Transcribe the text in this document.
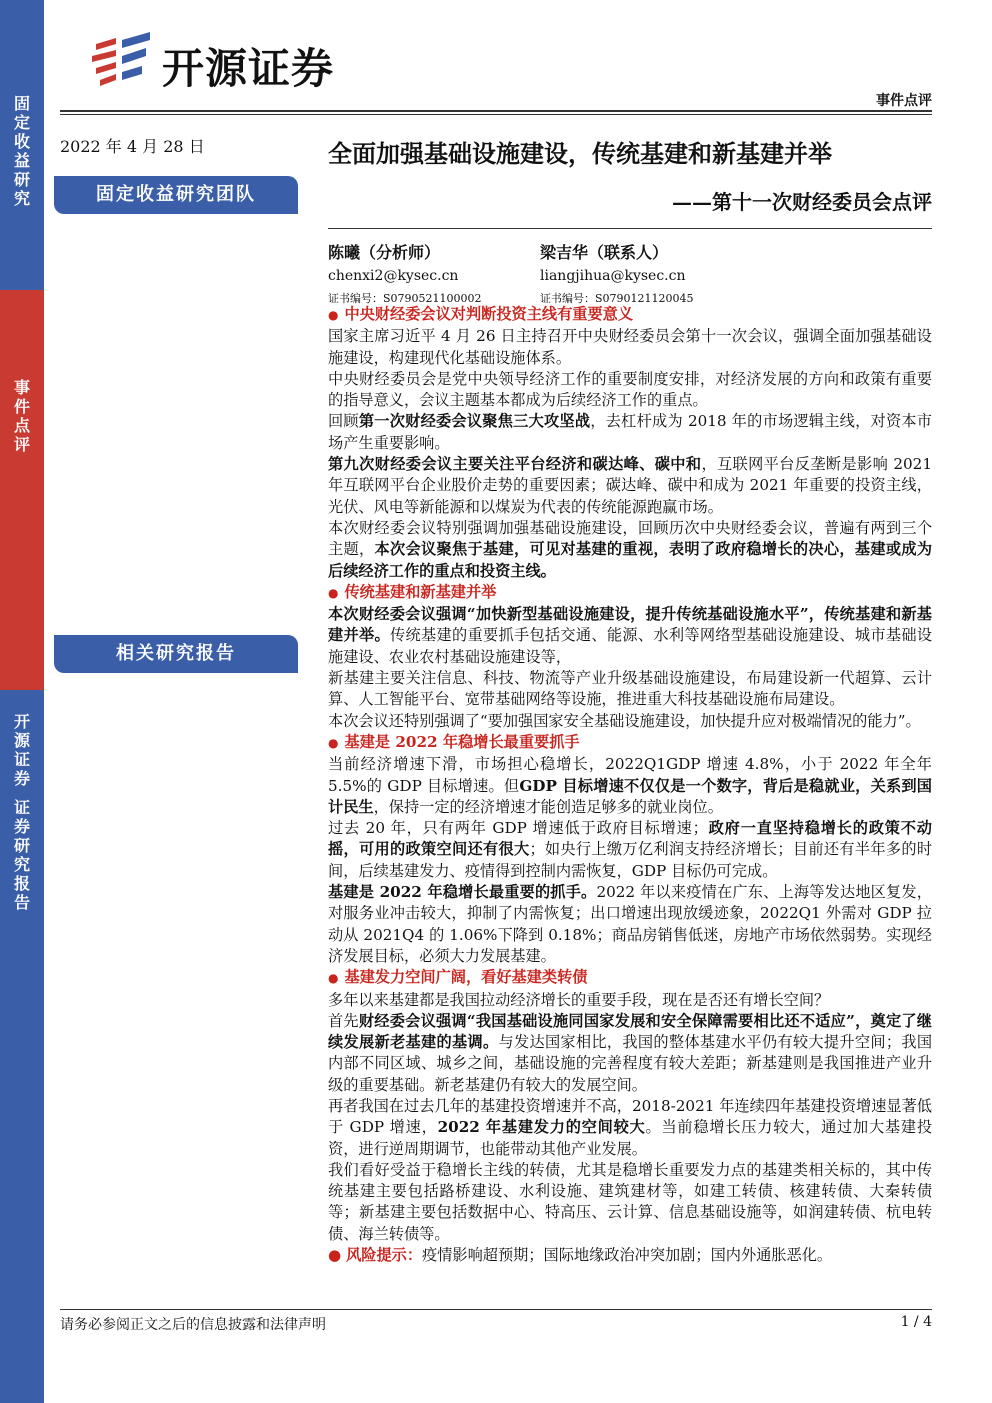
固
定
收
益
研
究
事
件
点
评
开
源
证
券
证
券
研
究
报
告
开源证券
事件点评
2022 年 4 月 28 日
固定收益研究团队
相关研究报告
全面加强基础设施建设，传统基建和新基建并举
——第十一次财经委员会点评
陈曦（分析师）
chenxi2@kysec.cn
证书编号：S0790521100002
梁吉华（联系人）
liangjihua@kysec.cn
证书编号：S0790121120045

● 中央财经委会议对判断投资主线有重要意义

国家主席习近平 4 月 26 日主持召开中央财经委员会第十一次会议，强调全面加强基础设施建设，构建现代化基础设施体系。

中央财经委员会是党中央领导经济工作的重要制度安排，对经济发展的方向和政策有重要的指导意义，会议主题基本都成为后续经济工作的重点。

回顾第一次财经委会议聚焦三大攻坚战，去杠杆成为 2018 年的市场逻辑主线，对资本市场产生重要影响。

第九次财经委会议主要关注平台经济和碳达峰、碳中和，互联网平台反垄断是影响 2021 年互联网平台企业股价走势的重要因素；碳达峰、碳中和成为 2021 年重要的投资主线，光伏、风电等新能源和以煤炭为代表的传统能源跑赢市场。

本次财经委会议特别强调加强基础设施建设，回顾历次中央财经委会议，普遍有两到三个主题，本次会议聚焦于基建，可见对基建的重视，表明了政府稳增长的决心，基建或成为后续经济工作的重点和投资主线。

● 传统基建和新基建并举

本次财经委会议强调“加快新型基础设施建设，提升传统基础设施水平”，传统基建和新基建并举。传统基建的重要抓手包括交通、能源、水利等网络型基础设施建设、城市基础设施建设、农业农村基础设施建设等，

新基建主要关注信息、科技、物流等产业升级基础设施建设，布局建设新一代超算、云计算、人工智能平台、宽带基础网络等设施，推进重大科技基础设施布局建设。

本次会议还特别强调了“要加强国家安全基础设施建设，加快提升应对极端情况的能力”。

● 基建是 2022 年稳增长最重要抓手

当前经济增速下滑，市场担心稳增长，2022Q1GDP 增速 4.8%，小于 2022 年全年 5.5%的 GDP 目标增速。但GDP 目标增速不仅仅是一个数字，背后是稳就业，关系到国计民生，保持一定的经济增速才能创造足够多的就业岗位。

过去 20 年，只有两年 GDP 增速低于政府目标增速；政府一直坚持稳增长的政策不动摇，可用的政策空间还有很大；如央行上缴万亿利润支持经济增长；目前还有半年多的时间，后续基建发力、疫情得到控制内需恢复，GDP 目标仍可完成。

基建是 2022 年稳增长最重要的抓手。2022 年以来疫情在广东、上海等发达地区复发，对服务业冲击较大，抑制了内需恢复；出口增速出现放缓迹象，2022Q1 外需对 GDP 拉动从 2021Q4 的 1.06%下降到 0.18%；商品房销售低迷，房地产市场依然弱势。实现经济发展目标，必须大力发展基建。

● 基建发力空间广阔，看好基建类转债

多年以来基建都是我国拉动经济增长的重要手段，现在是否还有增长空间？

首先财经委会议强调“我国基础设施同国家发展和安全保障需要相比还不适应”，奠定了继续发展新老基建的基调。与发达国家相比，我国的整体基建水平仍有较大提升空间；我国内部不同区域、城乡之间，基础设施的完善程度有较大差距；新基建则是我国推进产业升级的重要基础。新老基建仍有较大的发展空间。

再者我国在过去几年的基建投资增速并不高，2018-2021 年连续四年基建投资增速显著低于 GDP 增速，2022 年基建发力的空间较大。当前稳增长压力较大，通过加大基建投资，进行逆周期调节，也能带动其他产业发展。

我们看好受益于稳增长主线的转债，尤其是稳增长重要发力点的基建类相关标的，其中传统基建主要包括路桥建设、水利设施、建筑建材等，如建工转债、核建转债、大秦转债等；新基建主要包括数据中心、特高压、云计算、信息基础设施等，如润建转债、杭电转债、海兰转债等。

● 风险提示：疫情影响超预期；国际地缘政治冲突加剧；国内外通胀恶化。

请务必参阅正文之后的信息披露和法律声明	1 / 4
